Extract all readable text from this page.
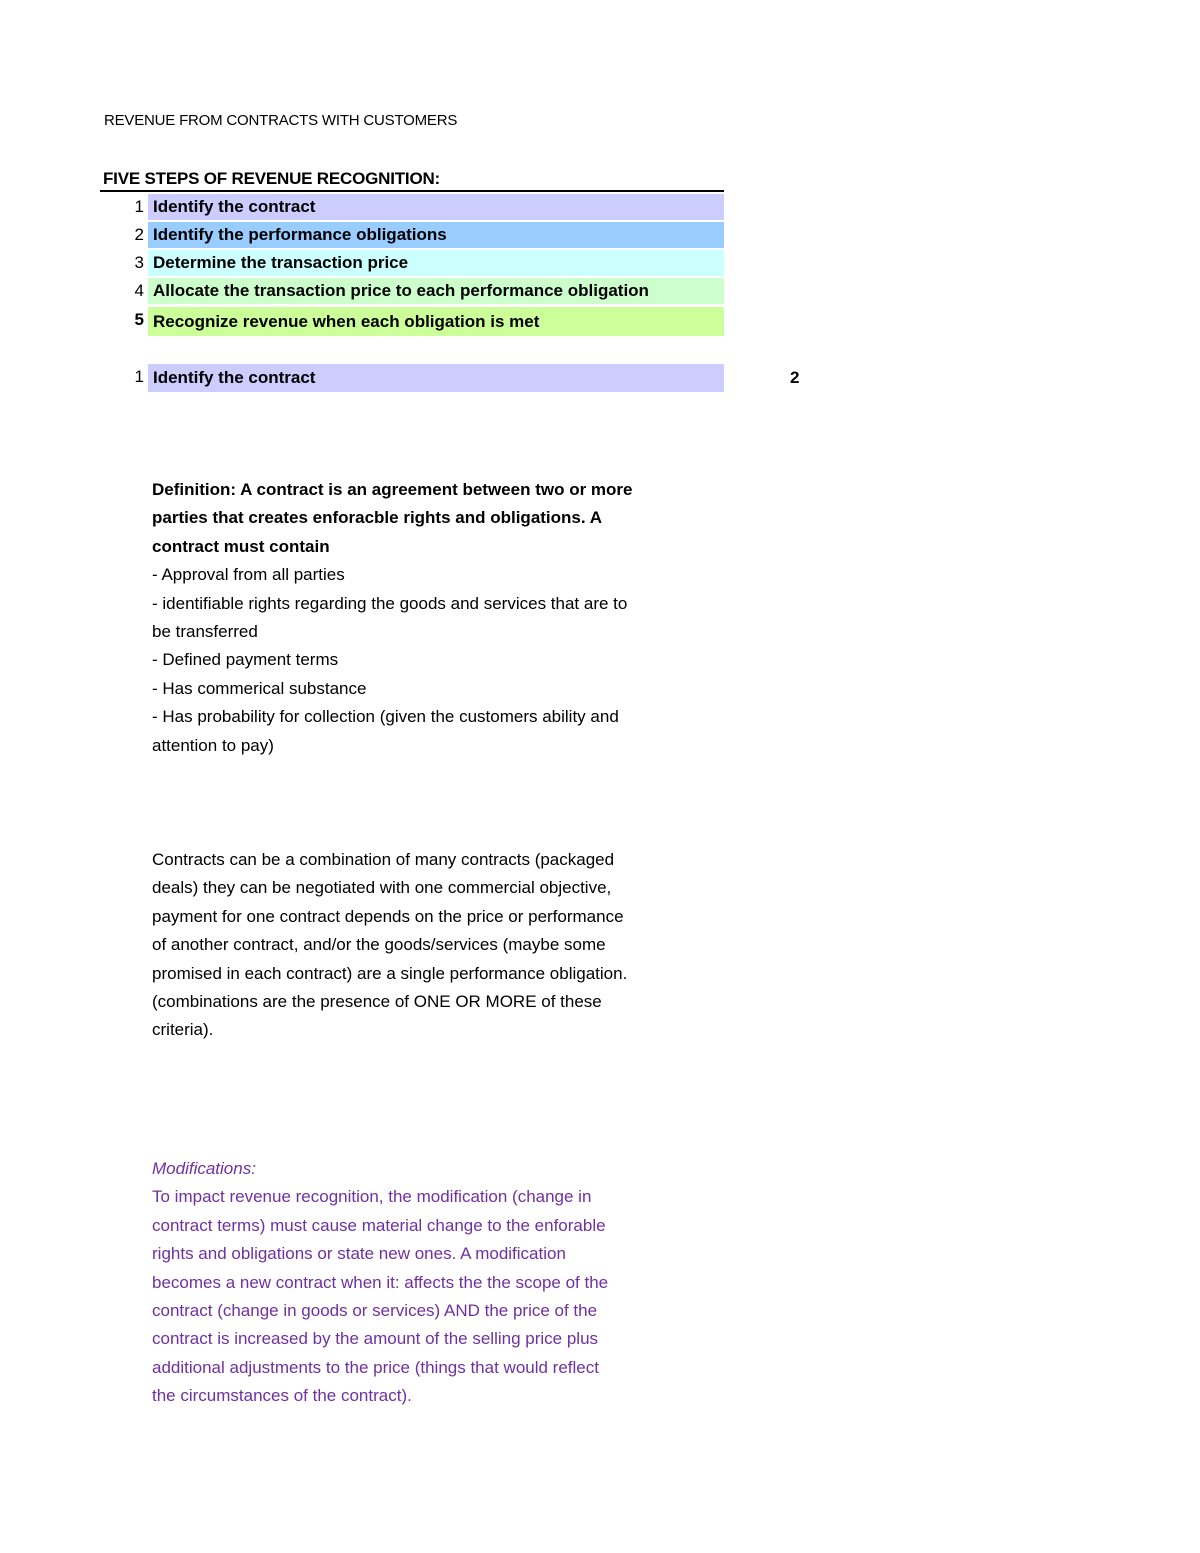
REVENUE FROM CONTRACTS WITH CUSTOMERS
FIVE STEPS OF REVENUE RECOGNITION:
1 Identify the contract
2 Identify the performance obligations
3 Determine the transaction price
4 Allocate the transaction price to each performance obligation
5 Recognize revenue when each obligation is met
1 Identify the contract	2
Definition: A contract is an agreement between two or more
parties that creates enforacble rights and obligations. A
contract must contain
- Approval from all parties
- identifiable rights regarding the goods and services that are to
be transferred
- Defined payment terms
- Has commerical substance
- Has probability for collection (given the customers ability and
attention to pay)
Contracts can be a combination of many contracts (packaged
deals) they can be negotiated with one commercial objective,
payment for one contract depends on the price or performance
of another contract, and/or the goods/services (maybe some
promised in each contract) are a single performance obligation.
(combinations are the presence of ONE OR MORE of these
criteria).
Modifications:
To impact revenue recognition, the modification (change in
contract terms) must cause material change to the enforable
rights and obligations or state new ones. A modification
becomes a new contract when it: affects the the scope of the
contract (change in goods or services) AND the price of the
contract is increased by the amount of the selling price plus
additional adjustments to the price (things that would reflect
the circumstances of the contract).
